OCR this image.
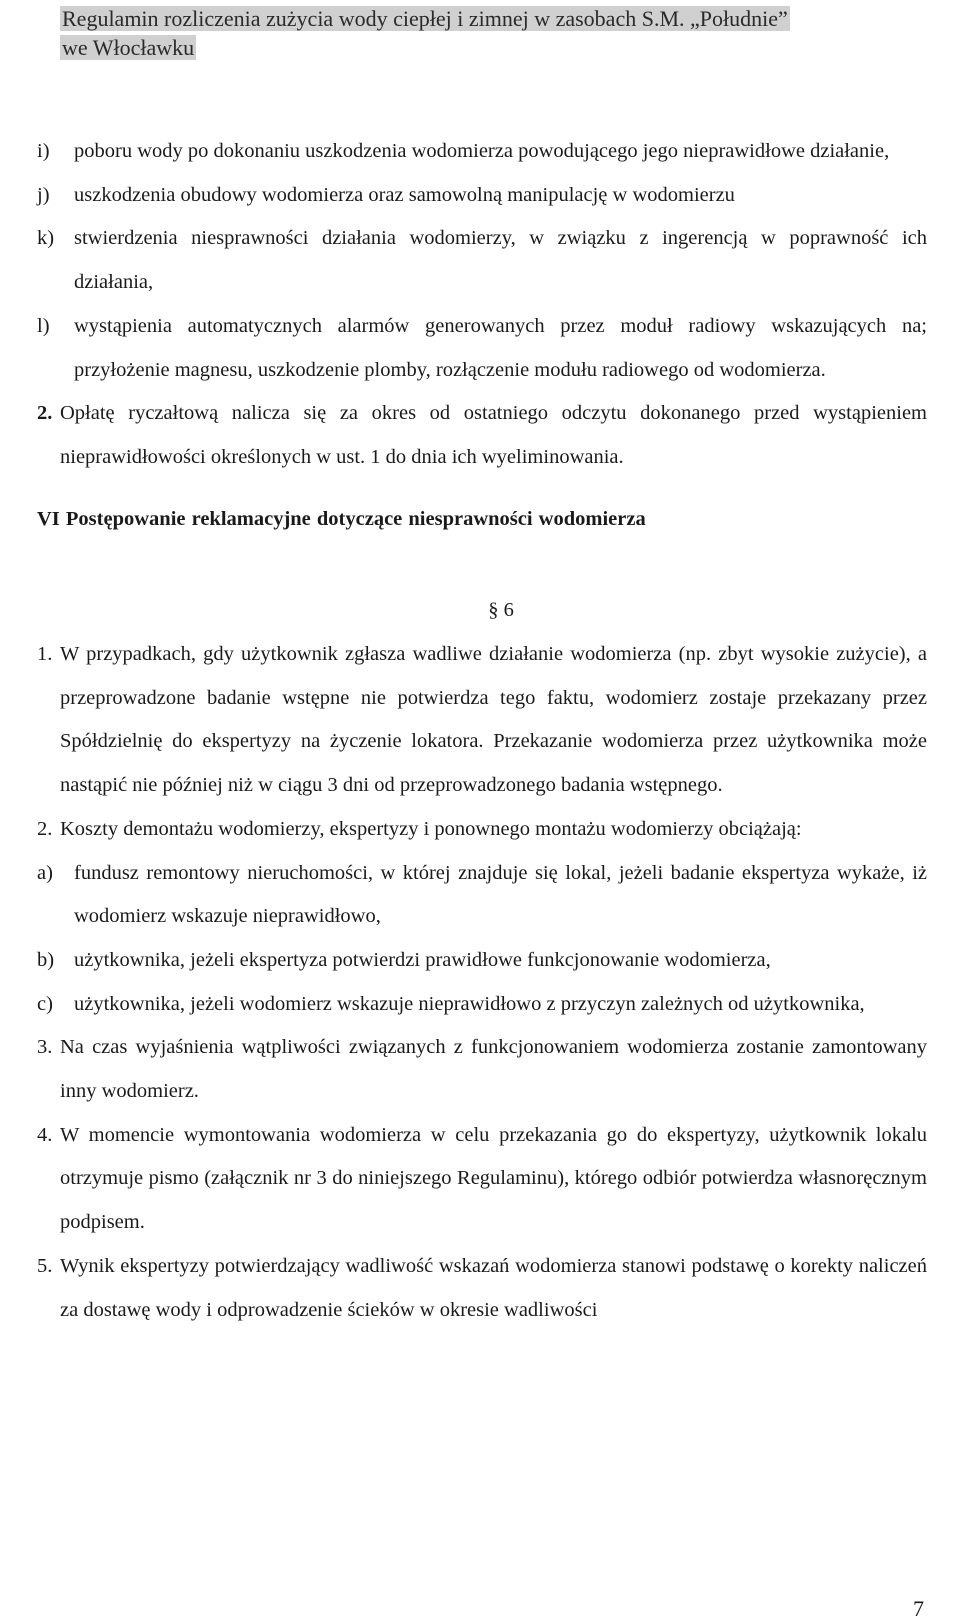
Regulamin rozliczenia zużycia wody ciepłej i zimnej w zasobach S.M. „Południe”
we Włocławku
i)	poboru wody po dokonaniu uszkodzenia wodomierza powodującego jego nieprawidłowe działanie,
j)	uszkodzenia obudowy wodomierza oraz samowolną manipulację w wodomierzu
k) stwierdzenia niesprawności działania wodomierzy, w związku z ingerencją w poprawność ich działania,
l)	wystąpienia automatycznych alarmów generowanych przez moduł radiowy wskazujących na; przyłożenie magnesu, uszkodzenie plomby, rozłączenie modułu radiowego od wodomierza.
2. Opłatę ryczałtową nalicza się za okres od ostatniego odczytu dokonanego przed wystąpieniem nieprawidłowości określonych w ust. 1 do dnia ich wyeliminowania.
VI Postępowanie reklamacyjne dotyczące niesprawności wodomierza
§ 6
1. W przypadkach, gdy użytkownik zgłasza wadliwe działanie wodomierza (np. zbyt wysokie zużycie), a przeprowadzone badanie wstępne nie potwierdza tego faktu, wodomierz zostaje przekazany przez Spółdzielnię do ekspertyzy na życzenie lokatora. Przekazanie wodomierza przez użytkownika może nastąpić nie później niż w ciągu 3 dni od przeprowadzonego badania wstępnego.
2. Koszty demontażu wodomierzy, ekspertyzy i ponownego montażu wodomierzy obciążają:
a)	fundusz remontowy nieruchomości, w której znajduje się lokal, jeżeli badanie ekspertyza wykaże, iż wodomierz wskazuje nieprawidłowo,
b) użytkownika, jeżeli ekspertyza potwierdzi prawidłowe funkcjonowanie wodomierza,
c)	użytkownika, jeżeli wodomierz wskazuje nieprawidłowo z przyczyn zależnych od użytkownika,
3. Na czas wyjaśnienia wątpliwości związanych z funkcjonowaniem wodomierza zostanie zamontowany inny wodomierz.
4. W momencie wymontowania wodomierza w celu przekazania go do ekspertyzy, użytkownik lokalu otrzymuje pismo (załącznik nr 3 do niniejszego Regulaminu), którego odbiór potwierdza własnoręcznym podpisem.
5. Wynik ekspertyzy potwierdzający wadliwość wskazań wodomierza stanowi podstawę o korekty naliczeń za dostawę wody i odprowadzenie ścieków w okresie wadliwości
7
